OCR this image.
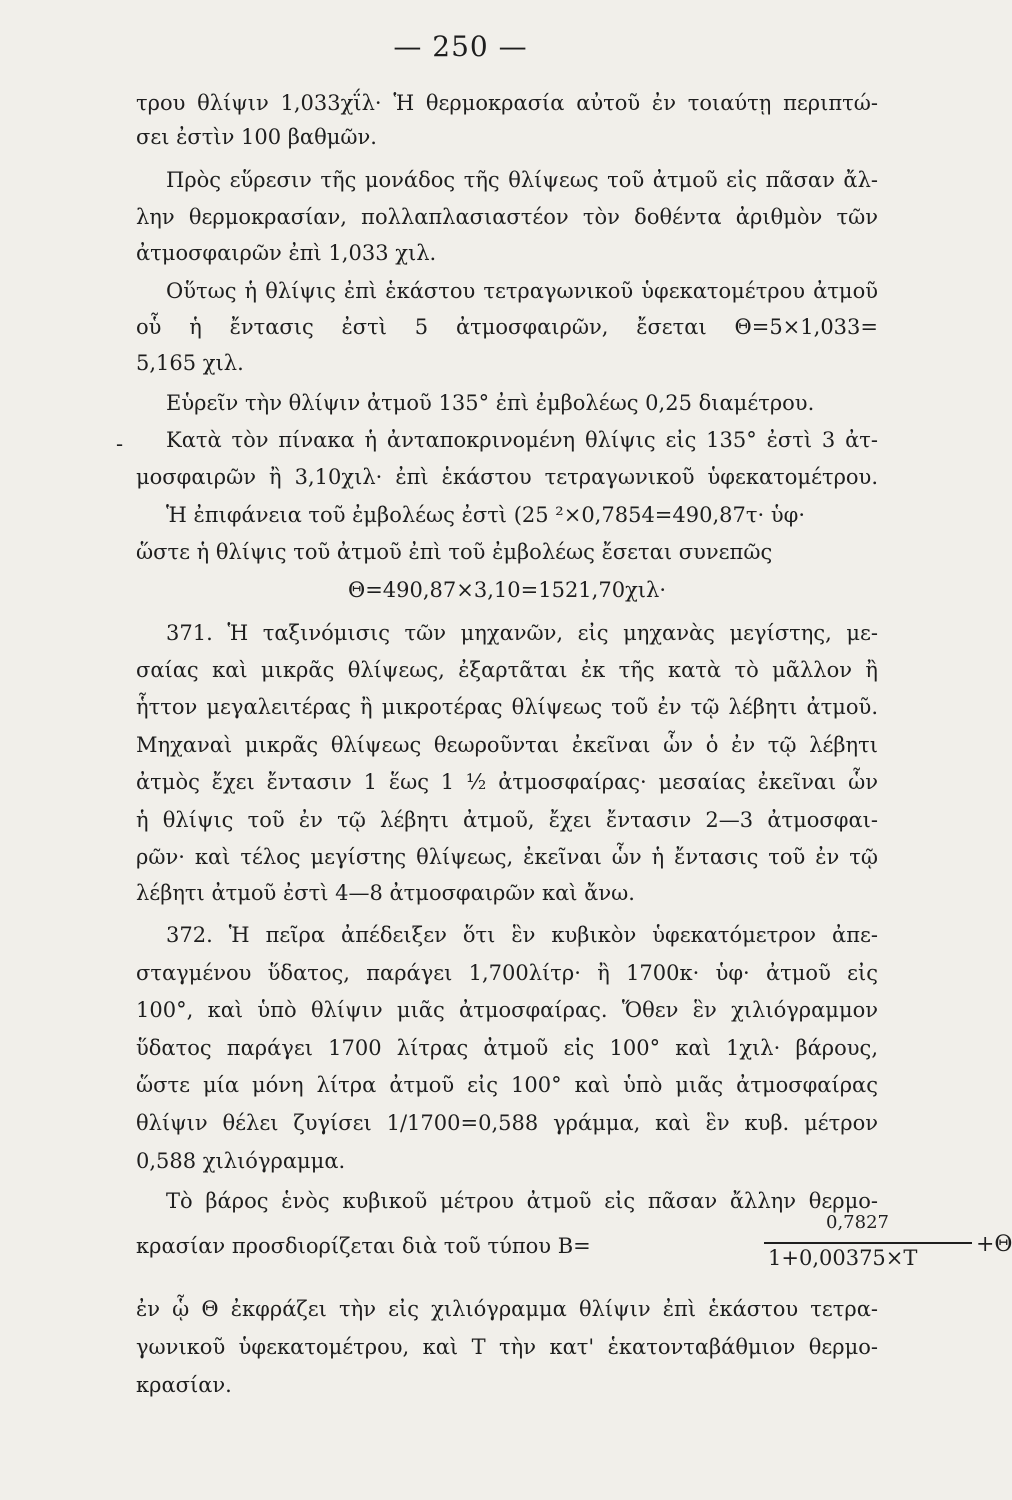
— 250 —
τρου θλίψιν 1,033χΐλ· Ἡ θερμοκρασία αὐτοῦ ἐν τοιαύτῃ περιπτώ-
σει ἐστὶν 100 βαθμῶν.
Πρὸς εὕρεσιν τῆς μονάδος τῆς θλίψεως τοῦ ἀτμοῦ εἰς πᾶσαν ἄλ-
λην θερμοκρασίαν, πολλαπλασιαστέον τὸν δοθέντα ἀριθμὸν τῶν
ἀτμοσφαιρῶν ἐπὶ 1,033 χιλ.
Οὕτως ἡ θλίψις ἐπὶ ἑκάστου τετραγωνικοῦ ὑφεκατομέτρου ἀτμοῦ
οὗ ἡ ἔντασις ἐστὶ 5 ἀτμοσφαιρῶν, ἔσεται Θ=5×1,033=
5,165 χιλ.
Εὑρεῖν τὴν θλίψιν ἀτμοῦ 135° ἐπὶ ἐμβολέως 0,25 διαμέτρου.
-	Κατὰ τὸν πίνακα ἡ ἀνταποκρινομένη θλίψις εἰς 135° ἐστὶ 3 ἀτ-
μοσφαιρῶν ἢ 3,10χιλ· ἐπὶ ἑκάστου τετραγωνικοῦ ὑφεκατομέτρου.
Ἡ ἐπιφάνεια τοῦ ἐμβολέως ἐστὶ (25 ²×0,7854=490,87τ· ὑφ·
ὥστε ἡ θλίψις τοῦ ἀτμοῦ ἐπὶ τοῦ ἐμβολέως ἔσεται συνεπῶς
Θ=490,87×3,10=1521,70χιλ·
371. Ἡ ταξινόμισις τῶν μηχανῶν, εἰς μηχανὰς μεγίστης, με-
σαίας καὶ μικρᾶς θλίψεως, ἐξαρτᾶται ἐκ τῆς κατὰ τὸ μᾶλλον ἢ
ἧττον μεγαλειτέρας ἢ μικροτέρας θλίψεως τοῦ ἐν τῷ λέβητι ἀτμοῦ.
Μηχαναὶ μικρᾶς θλίψεως θεωροῦνται ἐκεῖναι ὧν ὁ ἐν τῷ λέβητι
ἀτμὸς ἔχει ἔντασιν 1 ἕως 1 ½ ἀτμοσφαίρας· μεσαίας ἐκεῖναι ὧν
ἡ θλίψις τοῦ ἐν τῷ λέβητι ἀτμοῦ, ἔχει ἔντασιν 2—3 ἀτμοσφαι-
ρῶν· καὶ τέλος μεγίστης θλίψεως, ἐκεῖναι ὧν ἡ ἔντασις τοῦ ἐν τῷ
λέβητι ἀτμοῦ ἐστὶ 4—8 ἀτμοσφαιρῶν καὶ ἄνω.
372. Ἡ πεῖρα ἀπέδειξεν ὅτι ἓν κυβικὸν ὑφεκατόμετρον ἀπε-
σταγμένου ὕδατος, παράγει 1,700λίτρ· ἢ 1700κ· ὑφ· ἀτμοῦ εἰς
100°, καὶ ὑπὸ θλίψιν μιᾶς ἀτμοσφαίρας. Ὅθεν ἓν χιλιόγραμμον
ὕδατος παράγει 1700 λίτρας ἀτμοῦ εἰς 100° καὶ 1χιλ· βάρους,
ὥστε μία μόνη λίτρα ἀτμοῦ εἰς 100° καὶ ὑπὸ μιᾶς ἀτμοσφαίρας
θλίψιν θέλει ζυγίσει 1/1700=0,588 γράμμα, καὶ ἓν κυβ. μέτρον
0,588 χιλιόγραμμα.
Τὸ βάρος ἑνὸς κυβικοῦ μέτρου ἀτμοῦ εἰς πᾶσαν ἄλλην θερμο-
κρασίαν προσδιορίζεται διὰ τοῦ τύπου B=
0,7827
1+0,00375×T
+Θ
ἐν ᾧ Θ ἐκφράζει τὴν εἰς χιλιόγραμμα θλίψιν ἐπὶ ἑκάστου τετρα-
γωνικοῦ ὑφεκατομέτρου, καὶ T τὴν κατ' ἑκατονταβάθμιον θερμο-
κρασίαν.
